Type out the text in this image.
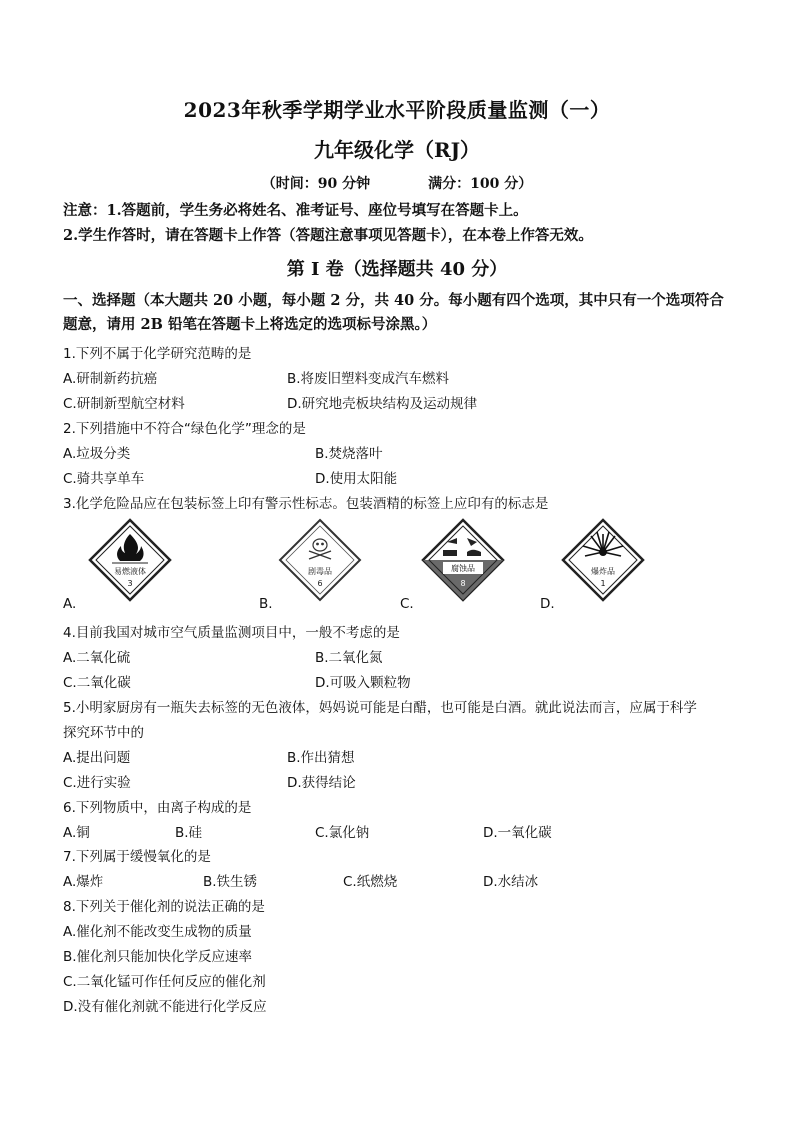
2023年秋季学期学业水平阶段质量监测（一）
九年级化学（RJ）
（时间：90 分钟	满分：100 分）
注意：1.答题前，学生务必将姓名、准考证号、座位号填写在答题卡上。
2.学生作答时，请在答题卡上作答（答题注意事项见答题卡），在本卷上作答无效。
第 I 卷（选择题共 40 分）
一、选择题（本大题共 20 小题，每小题 2 分，共 40 分。每小题有四个选项，其中只有一个选项符合题意，请用 2B 铅笔在答题卡上将选定的选项标号涂黑。）
1.下列不属于化学研究范畴的是
A.研制新药抗癌	B.将废旧塑料变成汽车燃料
C.研制新型航空材料	D.研究地壳板块结构及运动规律
2.下列措施中不符合“绿色化学”理念的是
A.垃圾分类	B.焚烧落叶
C.骑共享单车	D.使用太阳能
3.化学危险品应在包装标签上印有警示性标志。包装酒精的标签上应印有的标志是
易燃液体
3
剧毒品
6
腐蚀品
8
爆炸品
1
A.	B.	C.	D.
4.目前我国对城市空气质量监测项目中，一般不考虑的是
A.二氧化硫	B.二氧化氮
C.二氧化碳	D.可吸入颗粒物
5.小明家厨房有一瓶失去标签的无色液体，妈妈说可能是白醋，也可能是白酒。就此说法而言，应属于科学
探究环节中的
A.提出问题	B.作出猜想
C.进行实验	D.获得结论
6.下列物质中，由离子构成的是
A.铜	B.硅	C.氯化钠	D.一氧化碳
7.下列属于缓慢氧化的是
A.爆炸	B.铁生锈	C.纸燃烧	D.水结冰
8.下列关于催化剂的说法正确的是
A.催化剂不能改变生成物的质量
B.催化剂只能加快化学反应速率
C.二氧化锰可作任何反应的催化剂
D.没有催化剂就不能进行化学反应
